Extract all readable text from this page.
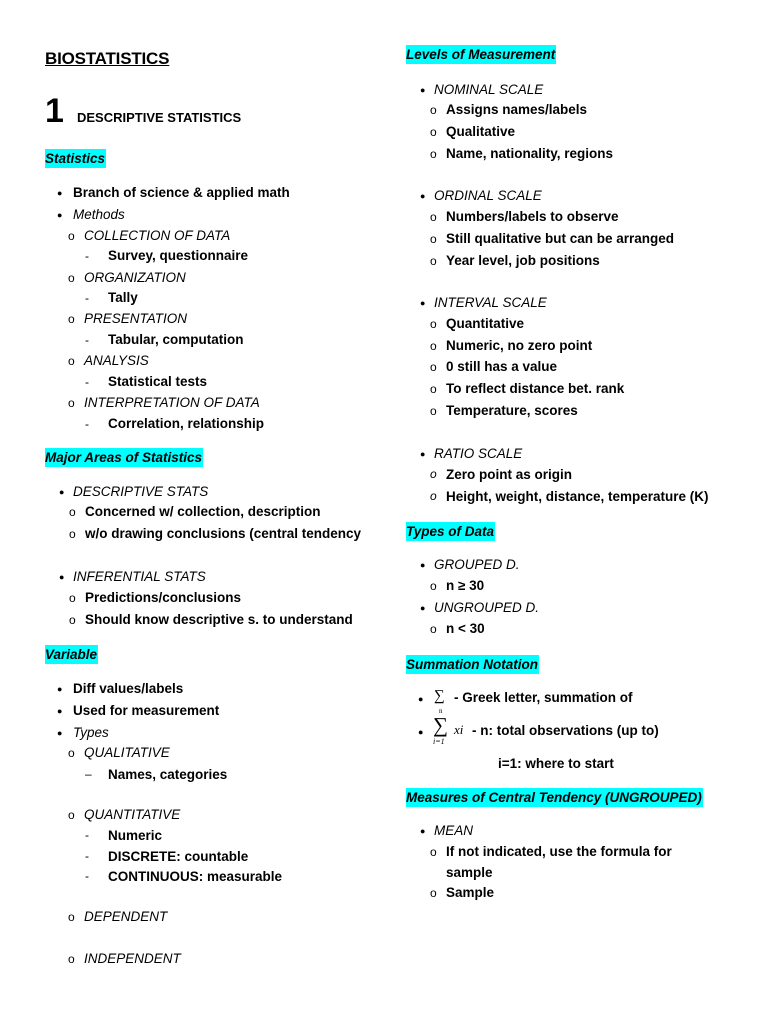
BIOSTATISTICS
1 DESCRIPTIVE STATISTICS
Statistics
● Branch of science & applied math
● Methods
o COLLECTION OF DATA
- Survey, questionnaire
o ORGANIZATION
- Tally
o PRESENTATION
- Tabular, computation
o ANALYSIS
- Statistical tests
o INTERPRETATION OF DATA
- Correlation, relationship
Major Areas of Statistics
● DESCRIPTIVE STATS
o Concerned w/ collection, description
o w/o drawing conclusions (central tendency
● INFERENTIAL STATS
o Predictions/conclusions
o Should know descriptive s. to understand
Variable
● Diff values/labels
● Used for measurement
● Types
o QUALITATIVE
– Names, categories
o QUANTITATIVE
- Numeric
- DISCRETE: countable
- CONTINUOUS: measurable
o DEPENDENT
o INDEPENDENT
Levels of Measurement
● NOMINAL SCALE
o Assigns names/labels
o Qualitative
o Name, nationality, regions
● ORDINAL SCALE
o Numbers/labels to observe
o Still qualitative but can be arranged
o Year level, job positions
● INTERVAL SCALE
o Quantitative
o Numeric, no zero point
o 0 still has a value
o To reflect distance bet. rank
o Temperature, scores
● RATIO SCALE
o Zero point as origin
o Height, weight, distance, temperature (K)
Types of Data
● GROUPED D.
o n ≥ 30
● UNGROUPED D.
o n < 30
Summation Notation
● ∑ - Greek letter, summation of
●
n
∑
i=1
xi - n: total observations (up to)
i=1: where to start
Measures of Central Tendency (UNGROUPED)
● MEAN
o If not indicated, use the formula for
sample
o Sample
